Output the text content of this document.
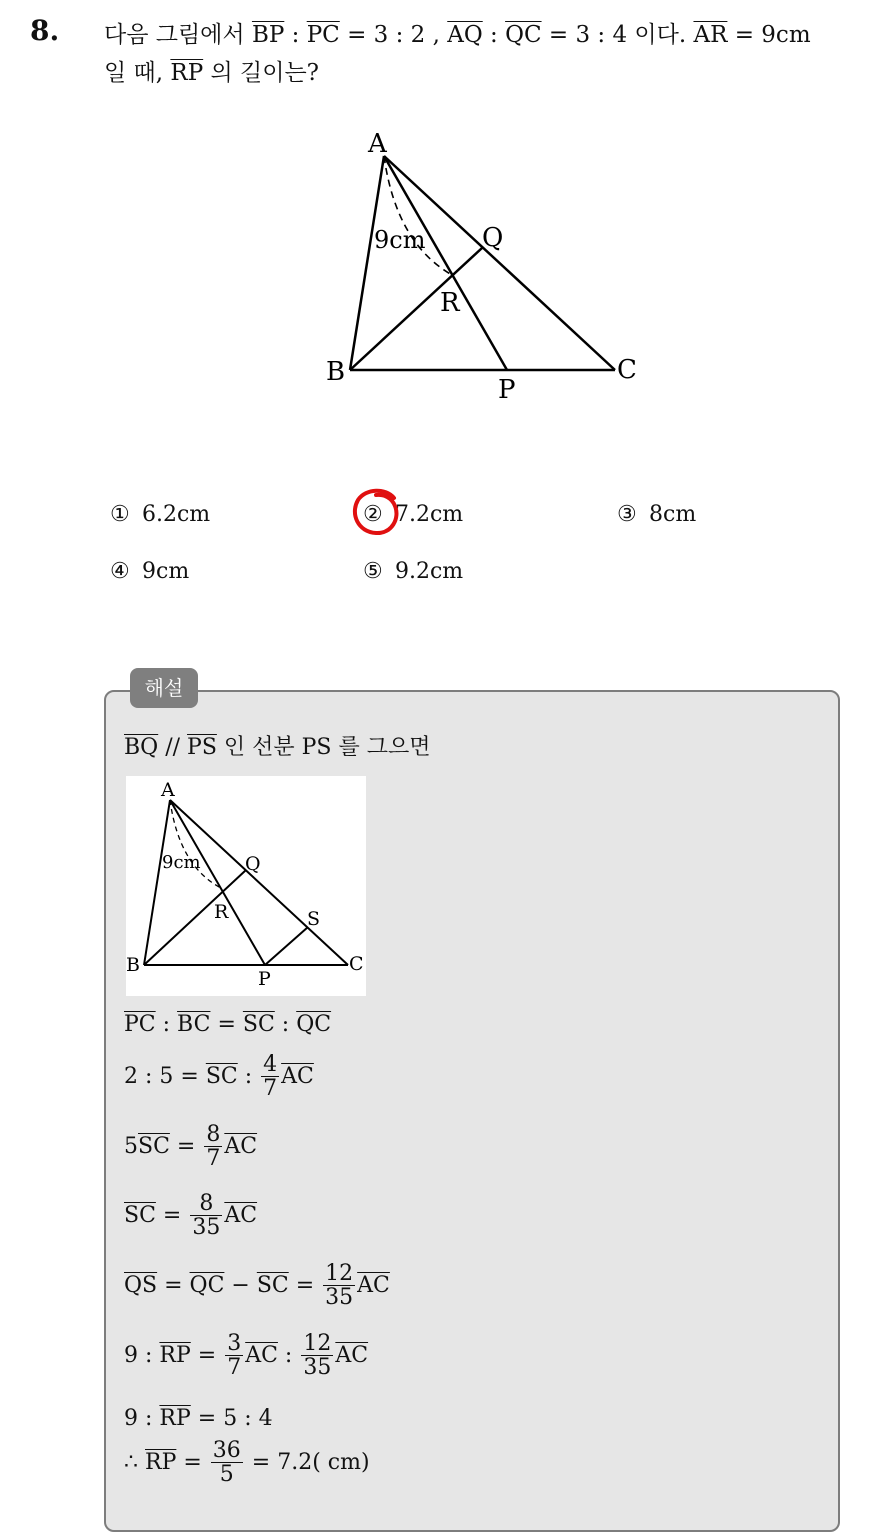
8. 다음 그림에서 $\overline{BP}$ : $\overline{PC} = 3$ : 2 , $\overline{AQ}$ : $\overline{QC} = 3$ : 4 이다. $\overline{AR} = 9cm$
일 때, $\overline{RP}$ 의 길이는?
A
B	C
P
Q
R
9cm
① 6.2cm	② 7.2cm	③ 8cm
④ 9cm	⑤ 9.2cm
해설
$\overline{BQ} // \overline{PS}$ 인 선분 PS 를 그으면
A
B	C
P
Q
R	S
9cm
$\overline{PC}$ : $\overline{BC} = \overline{SC}$ : $\overline{QC}$
2 : $5 = \overline{SC}$ : $\frac{4}{7} \overline{AC}$
$5\overline{SC} = \frac{8}{7} \overline{AC}$
$\overline{SC} = \frac{8}{35} \overline{AC}$
$\overline{QS} = \overline{QC} - \overline{SC} = \frac{12}{35} \overline{AC}$
9 : $\overline{RP} = \frac{3}{7} \overline{AC}$ : $\frac{12}{35} \overline{AC}$
9 : $\overline{RP} = 5$ : 4
∴ $\overline{RP} = \frac{36}{5} = 7.2$( cm)
